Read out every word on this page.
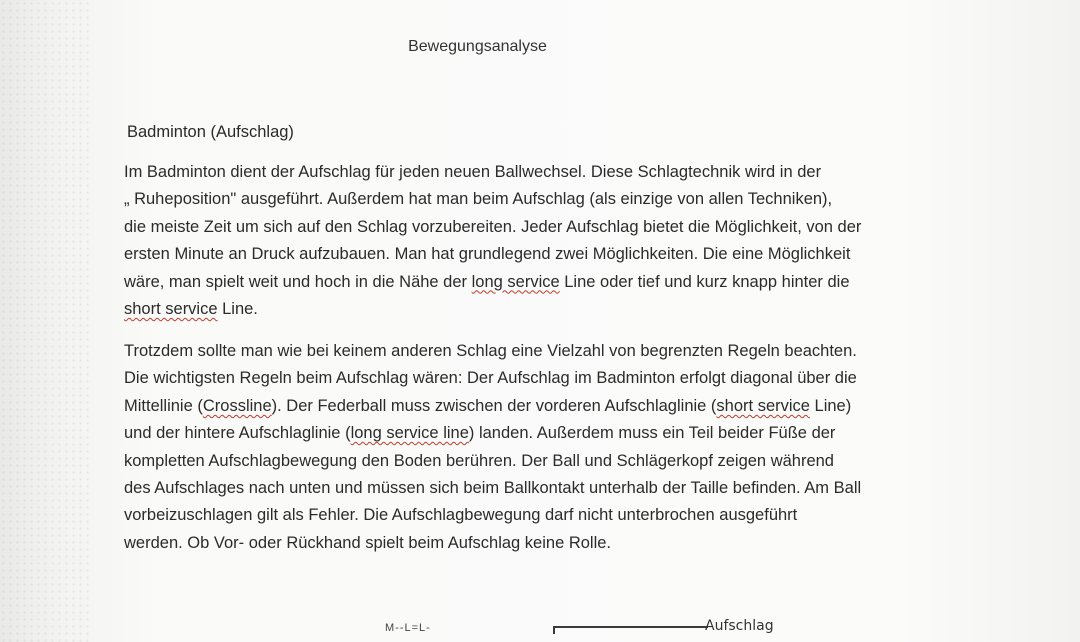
Bewegungsanalyse
Badminton (Aufschlag)
Im Badminton dient der Aufschlag für jeden neuen Ballwechsel. Diese Schlagtechnik wird in der
„ Ruheposition" ausgeführt. Außerdem hat man beim Aufschlag (als einzige von allen Techniken),
die meiste Zeit um sich auf den Schlag vorzubereiten. Jeder Aufschlag bietet die Möglichkeit, von der
ersten Minute an Druck aufzubauen. Man hat grundlegend zwei Möglichkeiten. Die eine Möglichkeit
wäre, man spielt weit und hoch in die Nähe der long service Line oder tief und kurz knapp hinter die
short service Line.
Trotzdem sollte man wie bei keinem anderen Schlag eine Vielzahl von begrenzten Regeln beachten.
Die wichtigsten Regeln beim Aufschlag wären: Der Aufschlag im Badminton erfolgt diagonal über die
Mittellinie (Crossline). Der Federball muss zwischen der vorderen Aufschlaglinie (short service Line)
und der hintere Aufschlaglinie (long service line) landen. Außerdem muss ein Teil beider Füße der
kompletten Aufschlagbewegung den Boden berühren. Der Ball und Schlägerkopf zeigen während
des Aufschlages nach unten und müssen sich beim Ballkontakt unterhalb der Taille befinden. Am Ball
vorbeizuschlagen gilt als Fehler. Die Aufschlagbewegung darf nicht unterbrochen ausgeführt
werden. Ob Vor- oder Rückhand spielt beim Aufschlag keine Rolle.
M--L=L-	Aufschlag
